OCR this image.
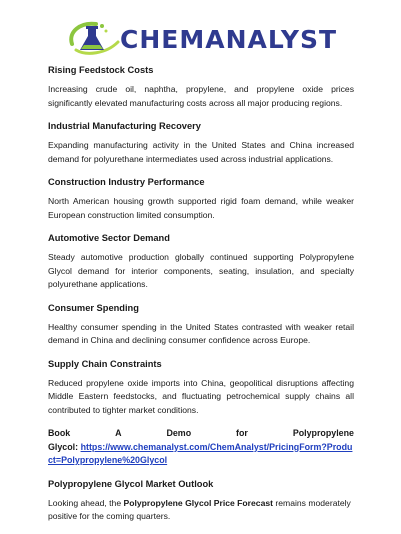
CHEMANALYST
Rising Feedstock Costs
Increasing crude oil, naphtha, propylene, and propylene oxide prices significantly elevated manufacturing costs across all major producing regions.
Industrial Manufacturing Recovery
Expanding manufacturing activity in the United States and China increased demand for polyurethane intermediates used across industrial applications.
Construction Industry Performance
North American housing growth supported rigid foam demand, while weaker European construction limited consumption.
Automotive Sector Demand
Steady automotive production globally continued supporting Polypropylene Glycol demand for interior components, seating, insulation, and specialty polyurethane applications.
Consumer Spending
Healthy consumer spending in the United States contrasted with weaker retail demand in China and declining consumer confidence across Europe.
Supply Chain Constraints
Reduced propylene oxide imports into China, geopolitical disruptions affecting Middle Eastern feedstocks, and fluctuating petrochemical supply chains all contributed to tighter market conditions.
Book	A	Demo	for	Polypropylene
Glycol: https://www.chemanalyst.com/ChemAnalyst/PricingForm?Produ
ct=Polypropylene%20Glycol
Polypropylene Glycol Market Outlook
Looking ahead, the Polypropylene Glycol Price Forecast remains moderately positive for the coming quarters.
